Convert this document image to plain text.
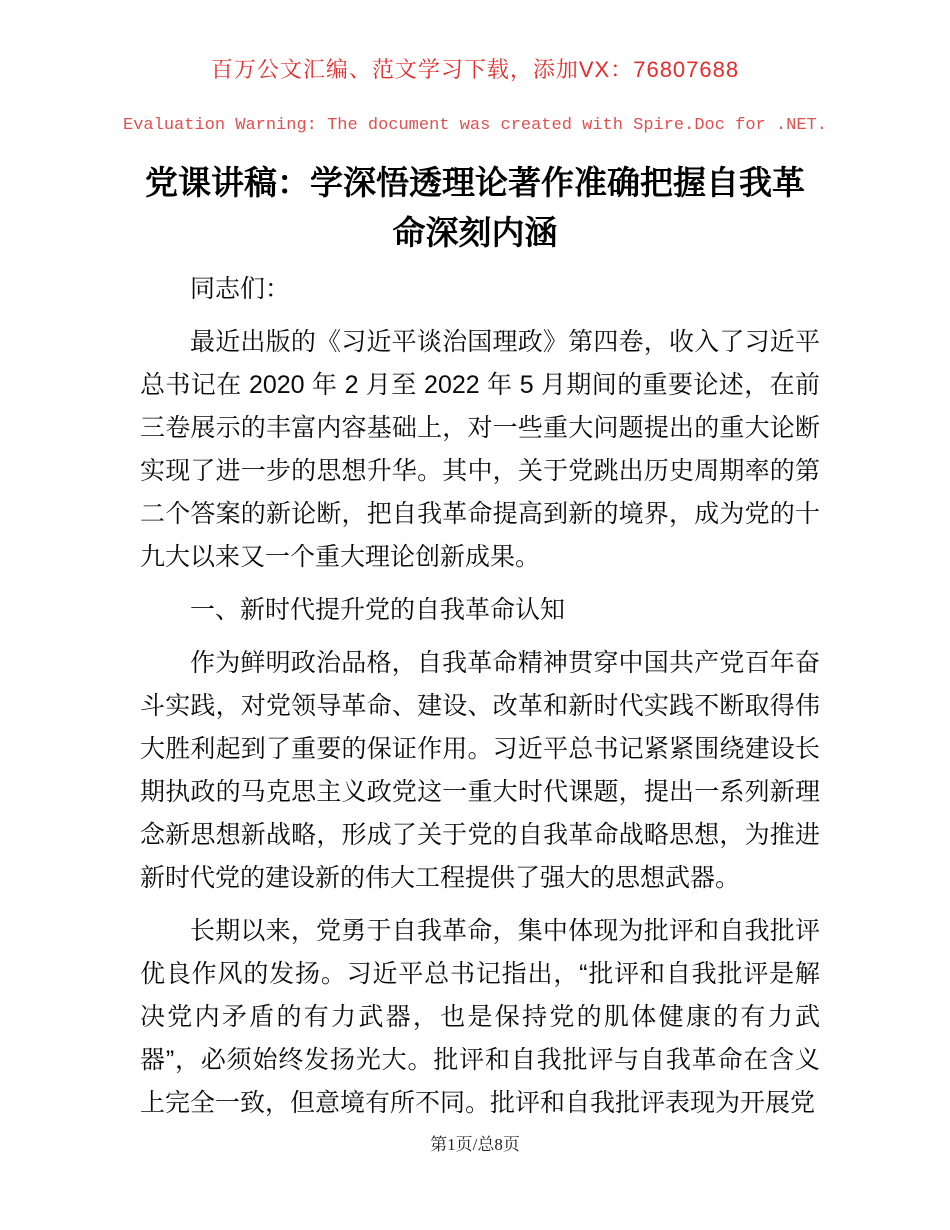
百万公文汇编、范文学习下载，添加VX：76807688
Evaluation Warning: The document was created with Spire.Doc for .NET.
党课讲稿：学深悟透理论著作准确把握自我革命深刻内涵

同志们：

最近出版的《习近平谈治国理政》第四卷，收入了习近平总书记在 2020 年 2 月至 2022 年 5 月期间的重要论述，在前三卷展示的丰富内容基础上，对一些重大问题提出的重大论断实现了进一步的思想升华。其中，关于党跳出历史周期率的第二个答案的新论断，把自我革命提高到新的境界，成为党的十九大以来又一个重大理论创新成果。

一、新时代提升党的自我革命认知

作为鲜明政治品格，自我革命精神贯穿中国共产党百年奋斗实践，对党领导革命、建设、改革和新时代实践不断取得伟大胜利起到了重要的保证作用。习近平总书记紧紧围绕建设长期执政的马克思主义政党这一重大时代课题，提出一系列新理念新思想新战略，形成了关于党的自我革命战略思想，为推进新时代党的建设新的伟大工程提供了强大的思想武器。

长期以来，党勇于自我革命，集中体现为批评和自我批评优良作风的发扬。习近平总书记指出，“批评和自我批评是解决党内矛盾的有力武器，也是保持党的肌体健康的有力武器”，必须始终发扬光大。批评和自我批评与自我革命在含义上完全一致，但意境有所不同。批评和自我批评表现为开展党

第1页/总8页
